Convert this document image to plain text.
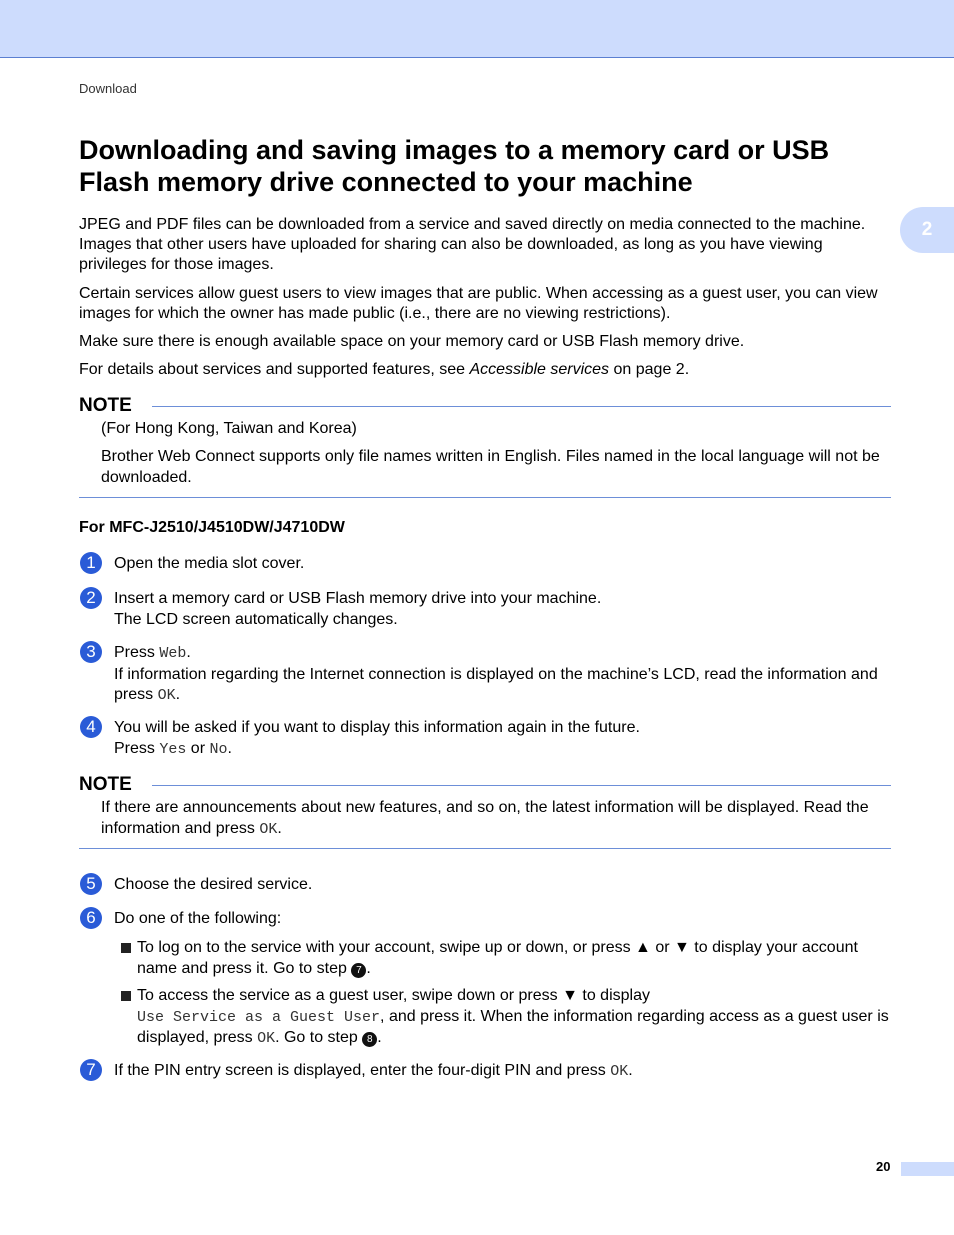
Download
Downloading and saving images to a memory card or USB Flash memory drive connected to your machine
2

JPEG and PDF files can be downloaded from a service and saved directly on media connected to the machine. Images that other users have uploaded for sharing can also be downloaded, as long as you have viewing privileges for those images.

Certain services allow guest users to view images that are public. When accessing as a guest user, you can view images for which the owner has made public (i.e., there are no viewing restrictions).

Make sure there is enough available space on your memory card or USB Flash memory drive.

For details about services and supported features, see Accessible services on page 2.

NOTE

(For Hong Kong, Taiwan and Korea)

Brother Web Connect supports only file names written in English. Files named in the local language will not be downloaded.

For MFC-J2510/J4510DW/J4710DW
1	Open the media slot cover.

2	Insert a memory card or USB Flash memory drive into your machine.
The LCD screen automatically changes.

3	Press Web.
If information regarding the Internet connection is displayed on the machine’s LCD, read the information and press OK.

4	You will be asked if you want to display this information again in the future.
Press Yes or No.

NOTE

If there are announcements about new features, and so on, the latest information will be displayed. Read the information and press OK.

5	Choose the desired service.

6	Do one of the following:

To log on to the service with your account, swipe up or down, or press ▲ or ▼ to display your account name and press it. Go to step 7 .
To access the service as a guest user, swipe down or press ▼ to display
Use Service as a Guest User, and press it. When the information regarding access as a guest user is displayed, press OK. Go to step 8 .
7	If the PIN entry screen is displayed, enter the four-digit PIN and press OK.

20
